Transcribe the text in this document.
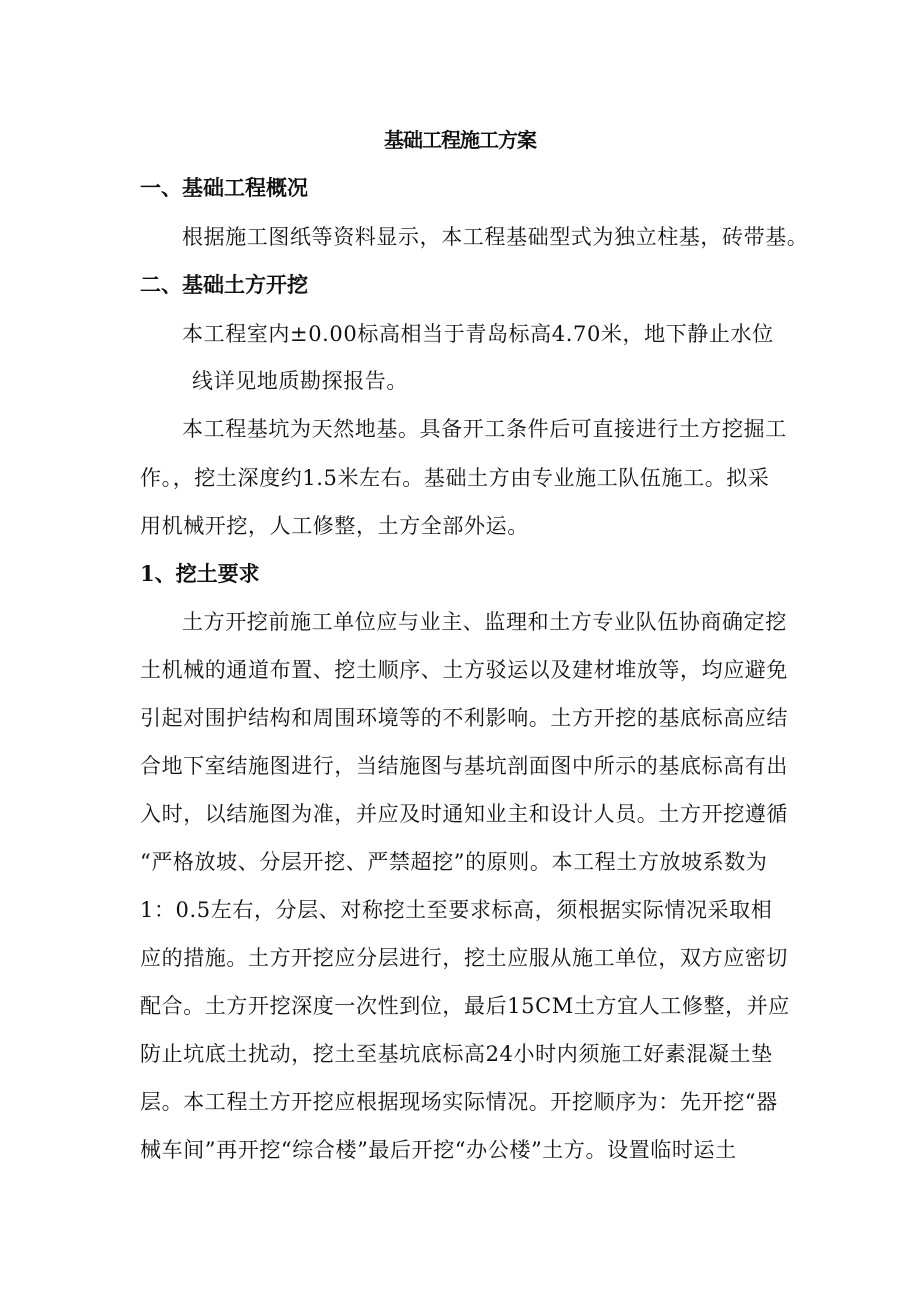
基础工程施工方案
一、基础工程概况
根据施工图纸等资料显示，本工程基础型式为独立柱基，砖带基。
二、基础土方开挖
本工程室内±0.00标高相当于青岛标高4.70米，地下静止水位
线详见地质勘探报告。
本工程基坑为天然地基。具备开工条件后可直接进行土方挖掘工
作。，挖土深度约1.5米左右。基础土方由专业施工队伍施工。拟采
用机械开挖，人工修整，土方全部外运。
1、挖土要求
土方开挖前施工单位应与业主、监理和土方专业队伍协商确定挖
土机械的通道布置、挖土顺序、土方驳运以及建材堆放等，均应避免
引起对围护结构和周围环境等的不利影响。土方开挖的基底标高应结
合地下室结施图进行，当结施图与基坑剖面图中所示的基底标高有出
入时，以结施图为准，并应及时通知业主和设计人员。土方开挖遵循
“严格放坡、分层开挖、严禁超挖”的原则。本工程土方放坡系数为
1：0.5左右，分层、对称挖土至要求标高，须根据实际情况采取相
应的措施。土方开挖应分层进行，挖土应服从施工单位，双方应密切
配合。土方开挖深度一次性到位，最后15CM土方宜人工修整，并应
防止坑底土扰动，挖土至基坑底标高24小时内须施工好素混凝土垫
层。本工程土方开挖应根据现场实际情况。开挖顺序为：先开挖“器
械车间”再开挖“综合楼”最后开挖“办公楼”土方。设置临时运土
